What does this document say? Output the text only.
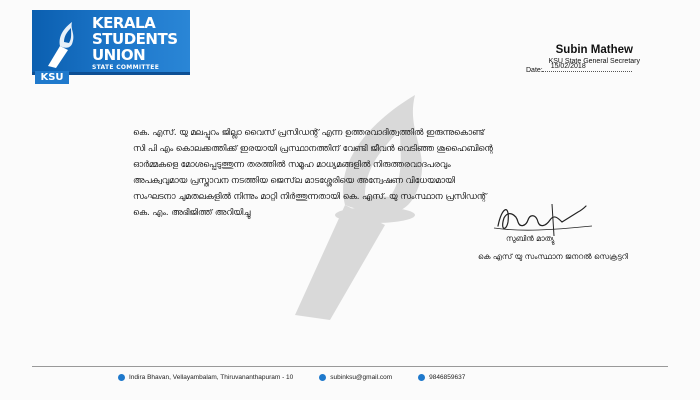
KERALA
STUDENTS
UNION
STATE COMMITTEE
KSU
Subin Mathew
KSU State General Secretary
Date: 15/02/2018

കെ. എസ്. യു മലപ്പുറം ജില്ലാ വൈസ് പ്രസിഡന്റ് എന്ന ഉത്തരവാദിത്വത്തിൽ ഇരുന്നുകൊണ്ട്

സി പി എം കൊലക്കത്തിക്ക് ഇരയായി പ്രസ്ഥാനത്തിന് വേണ്ടി ജീവൻ വെടിഞ്ഞ ശുഹൈബിന്റെ

ഓർമ്മകളെ മോശപ്പെടുത്തുന്ന തരത്തിൽ സമൂഹ മാധ്യമങ്ങളിൽ നിരുത്തരവാദപരവും

അപക്വവുമായ പ്രസ്താവന നടത്തിയ ജെസ്‌ല മാടശ്ശേരിയെ അന്വേഷണ വിധേയമായി

സംഘടനാ ചുമതലകളിൽ നിന്നും മാറ്റി നിർത്തുന്നതായി കെ. എസ്. യു സംസ്ഥാന പ്രസിഡന്റ്

കെ. എം. അഭിജിത്ത് അറിയിച്ചു

സുബിൻ മാത്യു
കെ എസ് യു സംസ്ഥാന ജനറൽ സെക്രട്ടറി
Indira Bhavan, Vellayambalam, Thiruvananthapuram - 10	subinksu@gmail.com	9846859637
